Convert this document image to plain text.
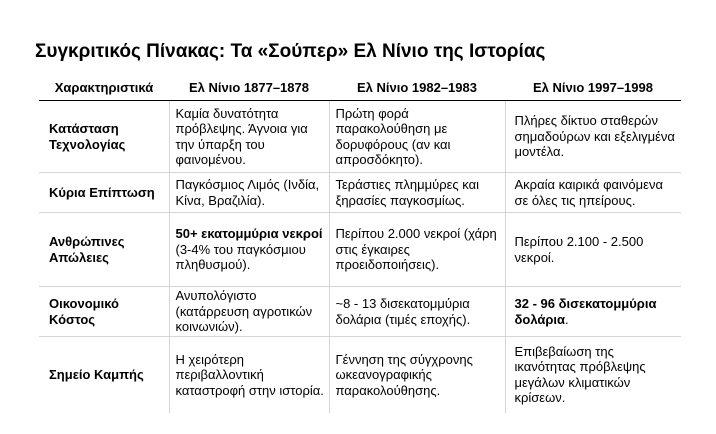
Συγκριτικός Πίνακας: Τα «Σούπερ» Ελ Νίνιο της Ιστορίας
Χαρακτηριστικά	Ελ Νίνιο 1877–1878	Ελ Νίνιο 1982–1983	Ελ Νίνιο 1997–1998
Κατάσταση Τεχνολογίας	Καμία δυνατότητα πρόβλεψης. Άγνοια για την ύπαρξη του φαινομένου.	Πρώτη φορά παρακολούθηση με δορυφόρους (αν και απροσδόκητο).	Πλήρες δίκτυο σταθερών σημαδούρων και εξελιγμένα μοντέλα.
Κύρια Επίπτωση	Παγκόσμιος Λιμός (Ινδία, Κίνα, Βραζιλία).	Τεράστιες πλημμύρες και ξηρασίες παγκοσμίως.	Ακραία καιρικά φαινόμενα σε όλες τις ηπείρους.
Ανθρώπινες Απώλειες	50+ εκατομμύρια νεκροί (3-4% του παγκόσμιου πληθυσμού).	Περίπου 2.000 νεκροί (χάρη στις έγκαιρες προειδοποιήσεις).	Περίπου 2.100 - 2.500 νεκροί.
Οικονομικό Κόστος	Ανυπολόγιστο (κατάρρευση αγροτικών κοινωνιών).	~8 - 13 δισεκατομμύρια δολάρια (τιμές εποχής).	32 - 96 δισεκατομμύρια δολάρια.
Σημείο Καμπής	Η χειρότερη περιβαλλοντική καταστροφή στην ιστορία.	Γέννηση της σύγχρονης ωκεανογραφικής παρακολούθησης.	Επιβεβαίωση της ικανότητας πρόβλεψης μεγάλων κλιματικών κρίσεων.
